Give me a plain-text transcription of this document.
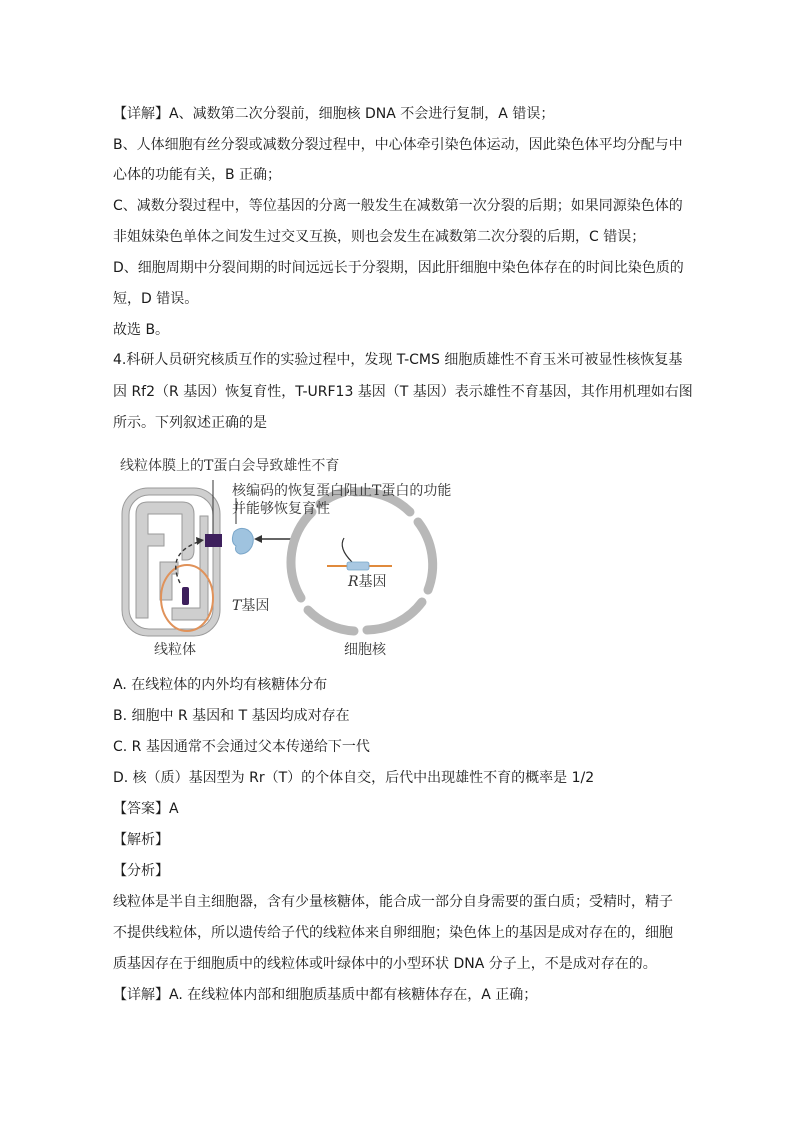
【详解】A、减数第二次分裂前，细胞核 DNA 不会进行复制，A 错误；
B、人体细胞有丝分裂或减数分裂过程中，中心体牵引染色体运动，因此染色体平均分配与中
心体的功能有关，B 正确；
C、减数分裂过程中，等位基因的分离一般发生在减数第一次分裂的后期；如果同源染色体的
非姐妹染色单体之间发生过交叉互换，则也会发生在减数第二次分裂的后期，C 错误；
D、细胞周期中分裂间期的时间远远长于分裂期，因此肝细胞中染色体存在的时间比染色质的
短，D 错误。
故选 B。
4.科研人员研究核质互作的实验过程中，发现 T-CMS 细胞质雄性不育玉米可被显性核恢复基
因 Rf2（R 基因）恢复育性，T-URF13 基因（T 基因）表示雄性不育基因，其作用机理如右图
所示。下列叙述正确的是
线粒体膜上的T蛋白会导致雄性不育
核编码的恢复蛋白阻止T蛋白的功能
并能够恢复育性
R基因
T基因
线粒体	细胞核
A. 在线粒体的内外均有核糖体分布
B. 细胞中 R 基因和 T 基因均成对存在
C. R 基因通常不会通过父本传递给下一代
D. 核（质）基因型为 Rr（T）的个体自交，后代中出现雄性不育的概率是 1/2
【答案】A
【解析】
【分析】
线粒体是半自主细胞器，含有少量核糖体，能合成一部分自身需要的蛋白质；受精时，精子
不提供线粒体，所以遗传给子代的线粒体来自卵细胞；染色体上的基因是成对存在的，细胞
质基因存在于细胞质中的线粒体或叶绿体中的小型环状 DNA 分子上，不是成对存在的。
【详解】A. 在线粒体内部和细胞质基质中都有核糖体存在，A 正确；
